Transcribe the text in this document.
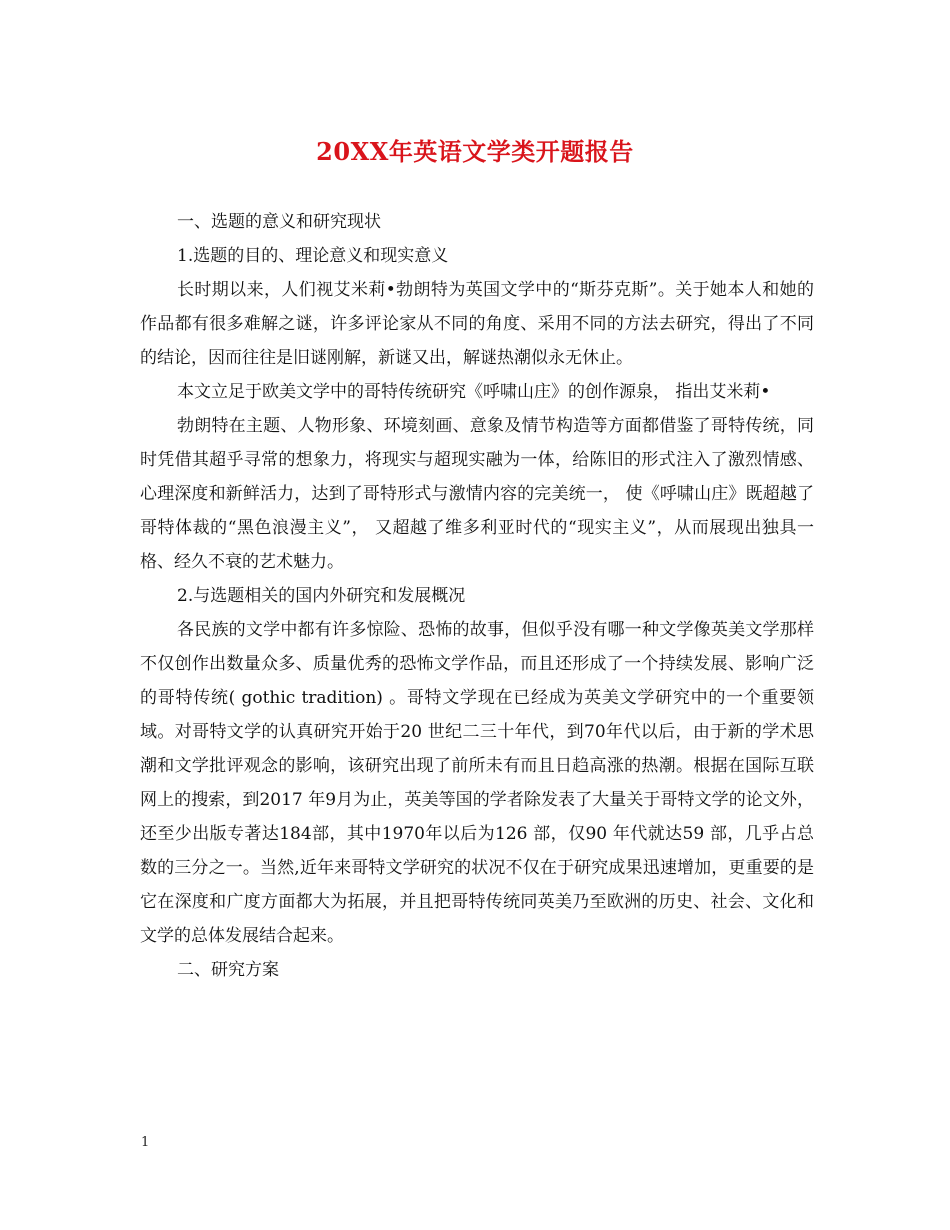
20XX年英语文学类开题报告

一、选题的意义和研究现状

1.选题的目的、理论意义和现实意义

长时期以来，人们视艾米莉•勃朗特为英国文学中的“斯芬克斯”。关于她本人和她的作品都有很多难解之谜，许多评论家从不同的角度、采用不同的方法去研究，得出了不同的结论，因而往往是旧谜刚解，新谜又出，解谜热潮似永无休止。

本文立足于欧美文学中的哥特传统研究《呼啸山庄》的创作源泉， 指出艾米莉•

勃朗特在主题、人物形象、环境刻画、意象及情节构造等方面都借鉴了哥特传统，同时凭借其超乎寻常的想象力，将现实与超现实融为一体，给陈旧的形式注入了激烈情感、心理深度和新鲜活力，达到了哥特形式与激情内容的完美统一， 使《呼啸山庄》既超越了哥特体裁的“黑色浪漫主义”， 又超越了维多利亚时代的“现实主义”，从而展现出独具一格、经久不衰的艺术魅力。

2.与选题相关的国内外研究和发展概况

各民族的文学中都有许多惊险、恐怖的故事，但似乎没有哪一种文学像英美文学那样不仅创作出数量众多、质量优秀的恐怖文学作品，而且还形成了一个持续发展、影响广泛的哥特传统( gothic tradition) 。哥特文学现在已经成为英美文学研究中的一个重要领域。对哥特文学的认真研究开始于20 世纪二三十年代，到70年代以后，由于新的学术思潮和文学批评观念的影响，该研究出现了前所未有而且日趋高涨的热潮。根据在国际互联网上的搜索，到2017 年9月为止，英美等国的学者除发表了大量关于哥特文学的论文外，还至少出版专著达184部，其中1970年以后为126 部，仅90 年代就达59 部，几乎占总数的三分之一。当然,近年来哥特文学研究的状况不仅在于研究成果迅速增加，更重要的是它在深度和广度方面都大为拓展，并且把哥特传统同英美乃至欧洲的历史、社会、文化和文学的总体发展结合起来。

二、研究方案

1
